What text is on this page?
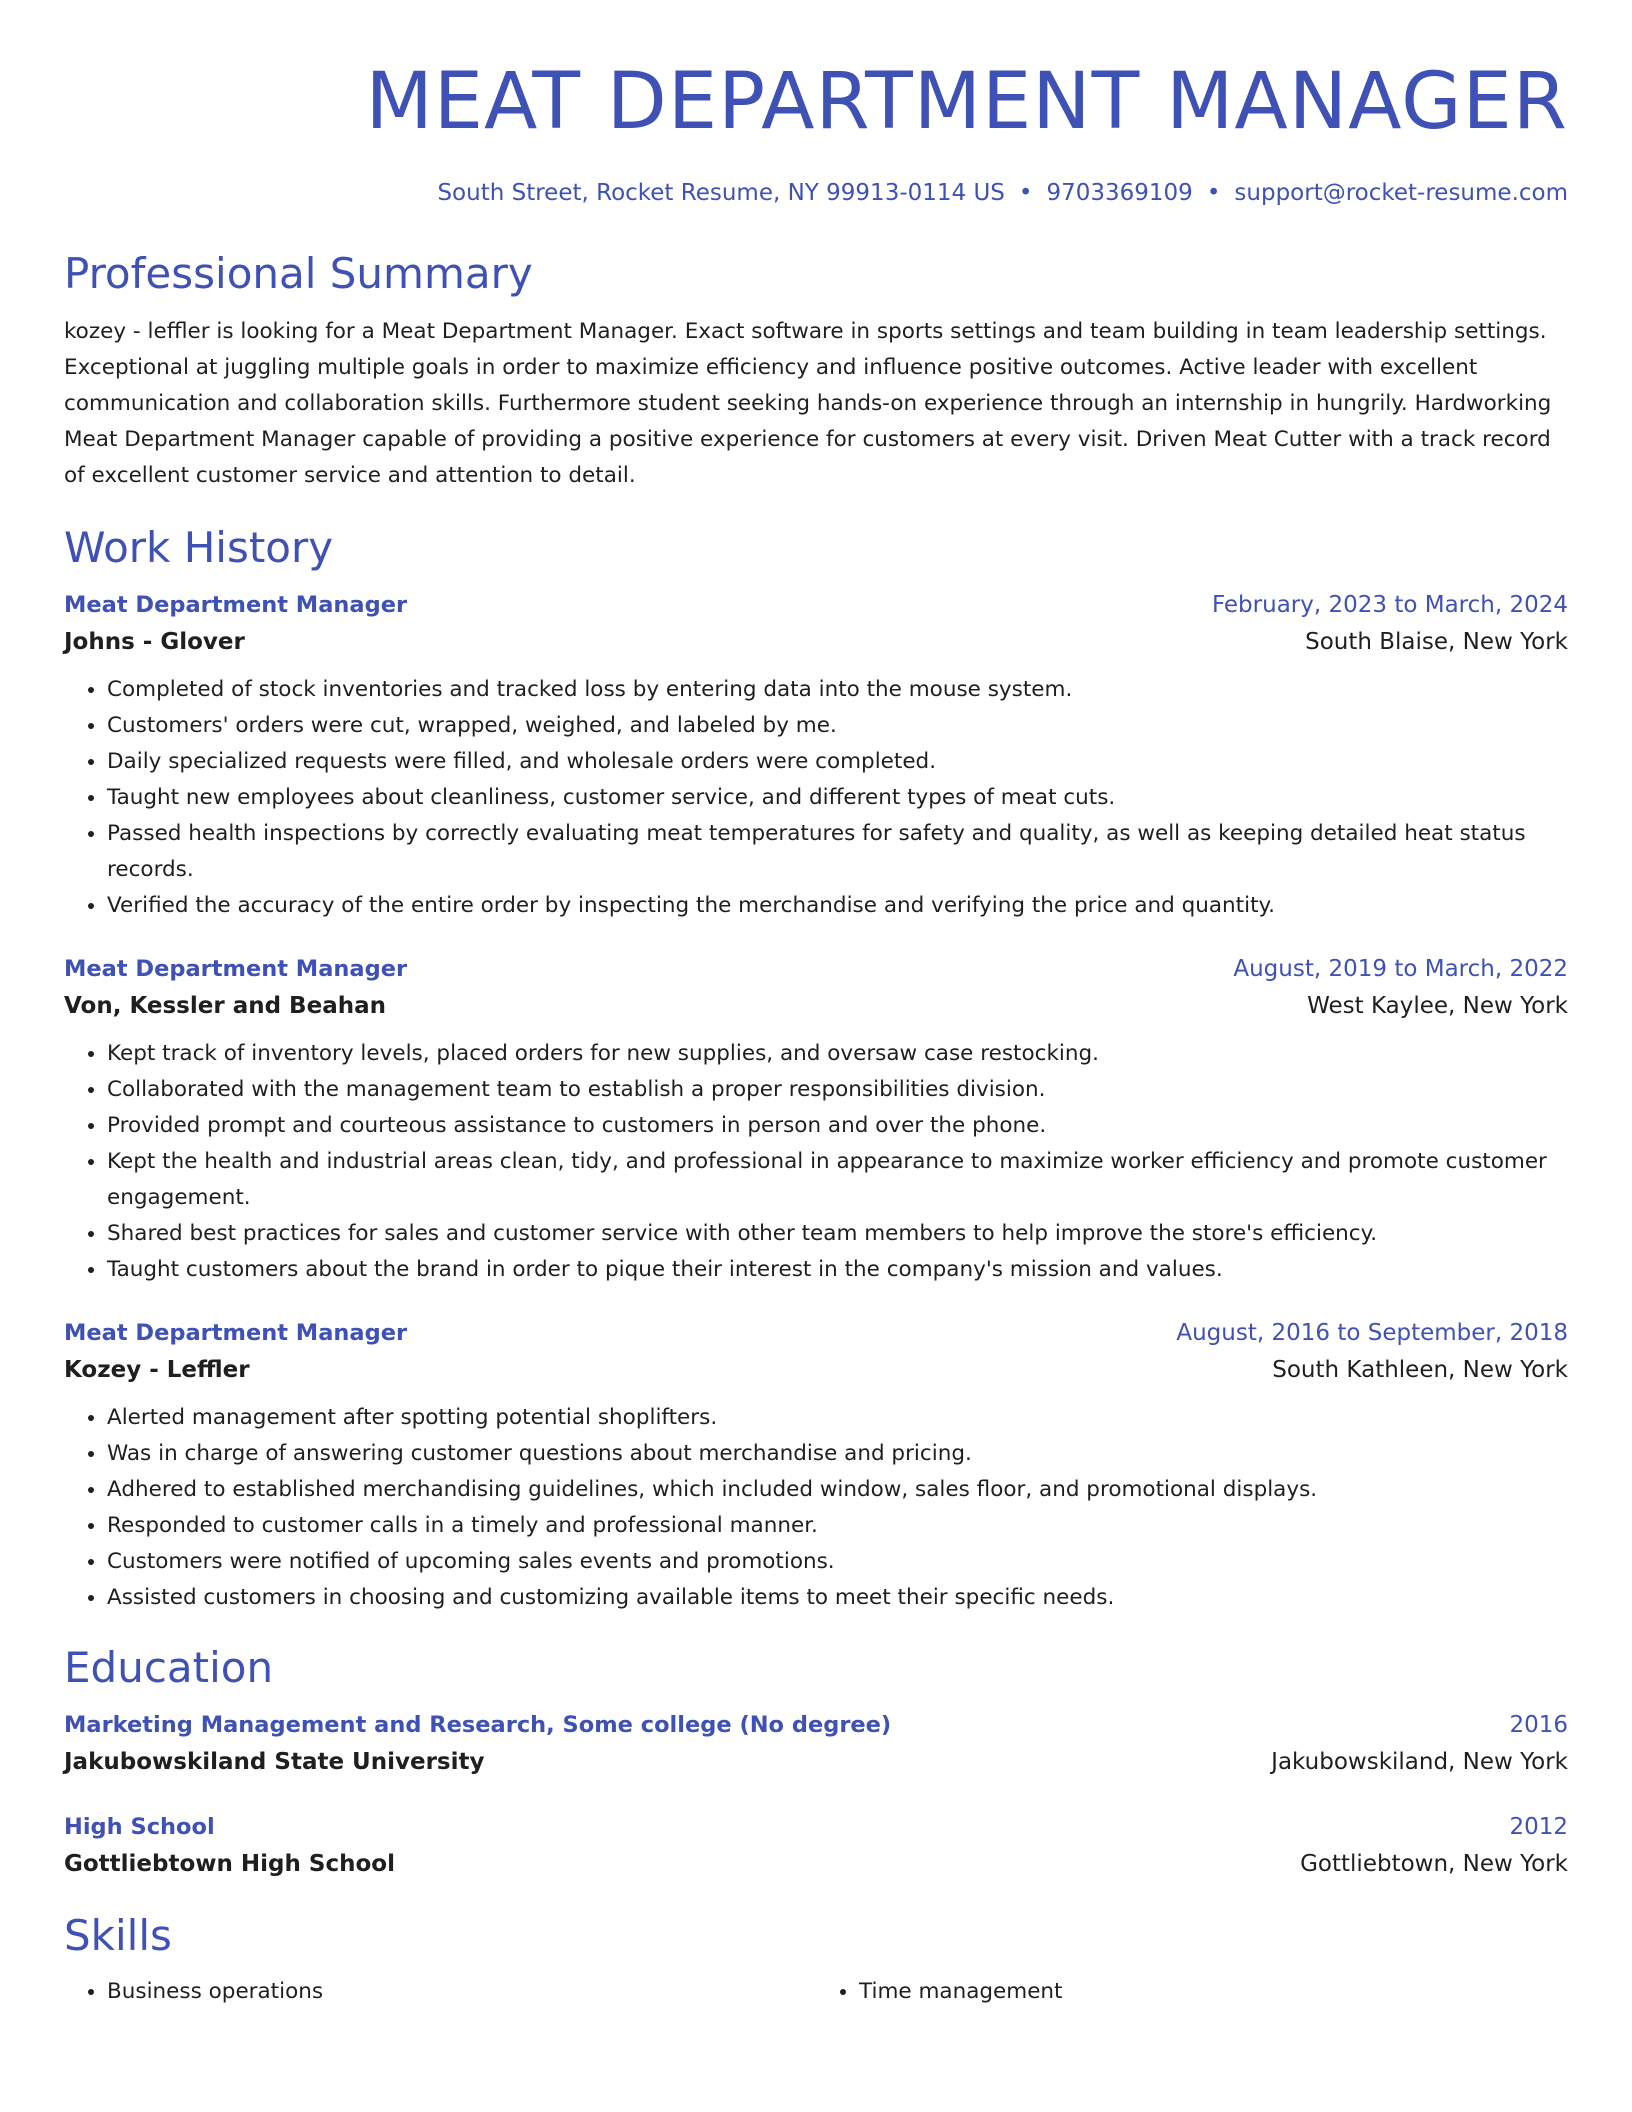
MEAT DEPARTMENT MANAGER
South Street, Rocket Resume, NY 99913-0114 US • 9703369109 • support@rocket-resume.com
Professional Summary
kozey - leffler is looking for a Meat Department Manager. Exact software in sports settings and team building in team leadership settings. Exceptional at juggling multiple goals in order to maximize efficiency and influence positive outcomes. Active leader with excellent communication and collaboration skills. Furthermore student seeking hands-on experience through an internship in hungrily. Hardworking Meat Department Manager capable of providing a positive experience for customers at every visit. Driven Meat Cutter with a track record of excellent customer service and attention to detail.
Work History
Meat Department Manager	February, 2023 to March, 2024
Johns - Glover	South Blaise, New York
• Completed of stock inventories and tracked loss by entering data into the mouse system.
• Customers' orders were cut, wrapped, weighed, and labeled by me.
• Daily specialized requests were filled, and wholesale orders were completed.
• Taught new employees about cleanliness, customer service, and different types of meat cuts.
• Passed health inspections by correctly evaluating meat temperatures for safety and quality, as well as keeping detailed heat status records.
• Verified the accuracy of the entire order by inspecting the merchandise and verifying the price and quantity.
Meat Department Manager	August, 2019 to March, 2022
Von, Kessler and Beahan	West Kaylee, New York
• Kept track of inventory levels, placed orders for new supplies, and oversaw case restocking.
• Collaborated with the management team to establish a proper responsibilities division.
• Provided prompt and courteous assistance to customers in person and over the phone.
• Kept the health and industrial areas clean, tidy, and professional in appearance to maximize worker efficiency and promote customer engagement.
• Shared best practices for sales and customer service with other team members to help improve the store's efficiency.
• Taught customers about the brand in order to pique their interest in the company's mission and values.
Meat Department Manager	August, 2016 to September, 2018
Kozey - Leffler	South Kathleen, New York
• Alerted management after spotting potential shoplifters.
• Was in charge of answering customer questions about merchandise and pricing.
• Adhered to established merchandising guidelines, which included window, sales floor, and promotional displays.
• Responded to customer calls in a timely and professional manner.
• Customers were notified of upcoming sales events and promotions.
• Assisted customers in choosing and customizing available items to meet their specific needs.
Education
Marketing Management and Research, Some college (No degree)	2016
Jakubowskiland State University	Jakubowskiland, New York
High School	2012
Gottliebtown High School	Gottliebtown, New York
Skills
• Business operations
•	Time management
